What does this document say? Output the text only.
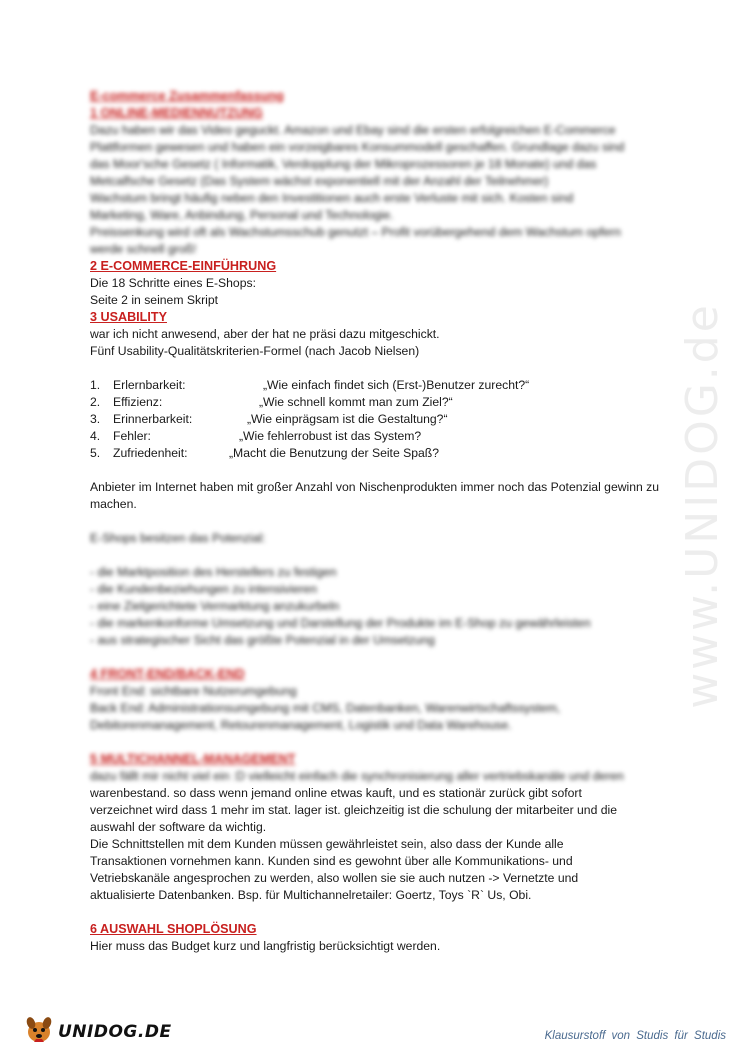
www.UNIDOG.de
E-commerce Zusammenfassung
1 ONLINE-MEDIENNUTZUNG
Dazu haben wir das Video geguckt. Amazon und Ebay sind die ersten erfolgreichen E-Commerce
Plattformen gewesen und haben ein vorzeigbares Konsummodell geschaffen. Grundlage dazu sind
das Moor'sche Gesetz ( Informatik, Verdopplung der Mikroprozessoren je 18 Monate) und das
Metcalfsche Gesetz (Das System wächst exponentiell mit der Anzahl der Teilnehmer)
Wachstum bringt häufig neben den Investitionen auch erste Verluste mit sich. Kosten sind
Marketing, Ware, Anbindung, Personal und Technologie.
Preissenkung wird oft als Wachstumsschub genutzt – Profit vorübergehend dem Wachstum opfern
werde schnell groß!
2 E-COMMERCE-EINFÜHRUNG
Die 18 Schritte eines E-Shops:
Seite 2 in seinem Skript
3 USABILITY
war ich nicht anwesend, aber der hat ne präsi dazu mitgeschickt.
Fünf Usability-Qualitätskriterien-Formel (nach Jacob Nielsen)
1.	Erlernbarkeit:	„Wie einfach findet sich (Erst-)Benutzer zurecht?“
2.	Effizienz:	„Wie schnell kommt man zum Ziel?“
3.	Erinnerbarkeit:	„Wie einprägsam ist die Gestaltung?“
4.	Fehler:	„Wie fehlerrobust ist das System?
5.	Zufriedenheit:	„Macht die Benutzung der Seite Spaß?
Anbieter im Internet haben mit großer Anzahl von Nischenprodukten immer noch das Potenzial gewinn zu machen.
E-Shops besitzen das Potenzial:
- die Marktposition des Herstellers zu festigen
- die Kundenbeziehungen zu intensivieren
- eine Zielgerichtete Vermarktung anzukurbeln
- die markenkonforme Umsetzung und Darstellung der Produkte im E-Shop zu gewährleisten
- aus strategischer Sicht das größte Potenzial in der Umsetzung
4 FRONT-END/BACK-END
Front End: sichtbare Nutzerumgebung
Back End: Administrationsumgebung mit CMS, Datenbanken, Warenwirtschaftssystem,
Debitorenmanagement, Retourenmanagement, Logistik und Data Warehouse.
5 MULTICHANNEL-MANAGEMENT
dazu fällt mir nicht viel ein :D vielleicht einfach die synchronisierung aller vertriebskanäle und deren
warenbestand. so dass wenn jemand online etwas kauft, und es stationär zurück gibt sofort
verzeichnet wird dass 1 mehr im stat. lager ist. gleichzeitig ist die schulung der mitarbeiter und die
auswahl der software da wichtig.
Die Schnittstellen mit dem Kunden müssen gewährleistet sein, also dass der Kunde alle
Transaktionen vornehmen kann. Kunden sind es gewohnt über alle Kommunikations- und
Vetriebskanäle angesprochen zu werden, also wollen sie sie auch nutzen -> Vernetzte und
aktualisierte Datenbanken. Bsp. für Multichannelretailer: Goertz, Toys `R` Us, Obi.
6 AUSWAHL SHOPLÖSUNG
Hier muss das Budget kurz und langfristig berücksichtigt werden.
UNIDOG.DE	Klausurstoff von Studis für Studis
